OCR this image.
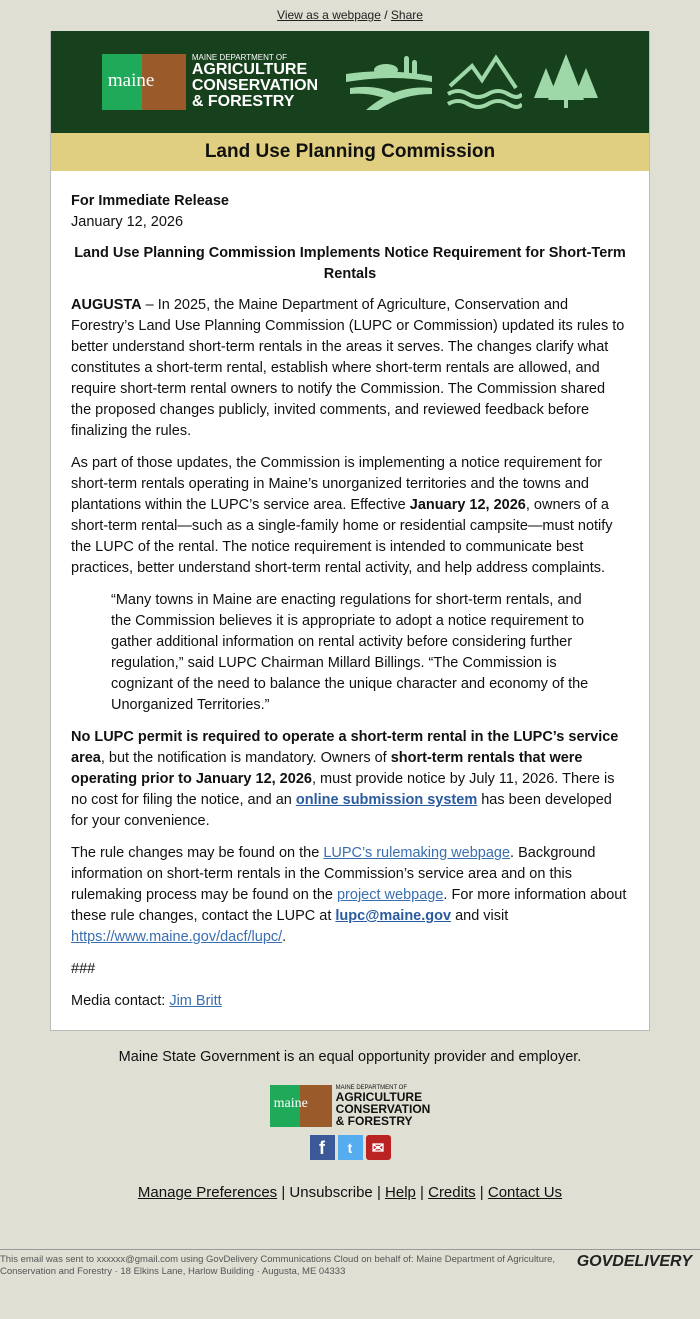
View as a webpage / Share
maine
MAINE DEPARTMENT OF
AGRICULTURE
CONSERVATION
& FORESTRY
Land Use Planning Commission

For Immediate Release
January 12, 2026

Land Use Planning Commission Implements Notice Requirement for Short-Term Rentals

AUGUSTA – In 2025, the Maine Department of Agriculture, Conservation and Forestry’s Land Use Planning Commission (LUPC or Commission) updated its rules to better understand short-term rentals in the areas it serves. The changes clarify what constitutes a short-term rental, establish where short-term rentals are allowed, and require short-term rental owners to notify the Commission. The Commission shared the proposed changes publicly, invited comments, and reviewed feedback before finalizing the rules.

As part of those updates, the Commission is implementing a notice requirement for short-term rentals operating in Maine’s unorganized territories and the towns and plantations within the LUPC’s service area. Effective January 12, 2026, owners of a short-term rental—such as a single-family home or residential campsite—must notify the LUPC of the rental. The notice requirement is intended to communicate best practices, better understand short-term rental activity, and help address complaints.

“Many towns in Maine are enacting regulations for short-term rentals, and the Commission believes it is appropriate to adopt a notice requirement to gather additional information on rental activity before considering further regulation,” said LUPC Chairman Millard Billings. “The Commission is cognizant of the need to balance the unique character and economy of the Unorganized Territories.”

No LUPC permit is required to operate a short-term rental in the LUPC’s service area, but the notification is mandatory. Owners of short-term rentals that were operating prior to January 12, 2026, must provide notice by July 11, 2026. There is no cost for filing the notice, and an online submission system has been developed for your convenience.

The rule changes may be found on the LUPC’s rulemaking webpage. Background information on short-term rentals in the Commission’s service area and on this rulemaking process may be found on the project webpage. For more information about these rule changes, contact the LUPC at lupc@maine.gov and visit https://www.maine.gov/dacf/lupc/.

###

Media contact: Jim Britt

Maine State Government is an equal opportunity provider and employer.
maine
MAINE DEPARTMENT OF
AGRICULTURE
CONSERVATION
& FORESTRY
f	t	✉
Manage Preferences | Unsubscribe | Help | Credits | Contact Us
This email was sent to xxxxxx@gmail.com using GovDelivery Communications Cloud on behalf of: Maine Department of Agriculture, Conservation and Forestry · 18 Elkins Lane, Harlow Building · Augusta, ME 04333
GOVDELIVERY
